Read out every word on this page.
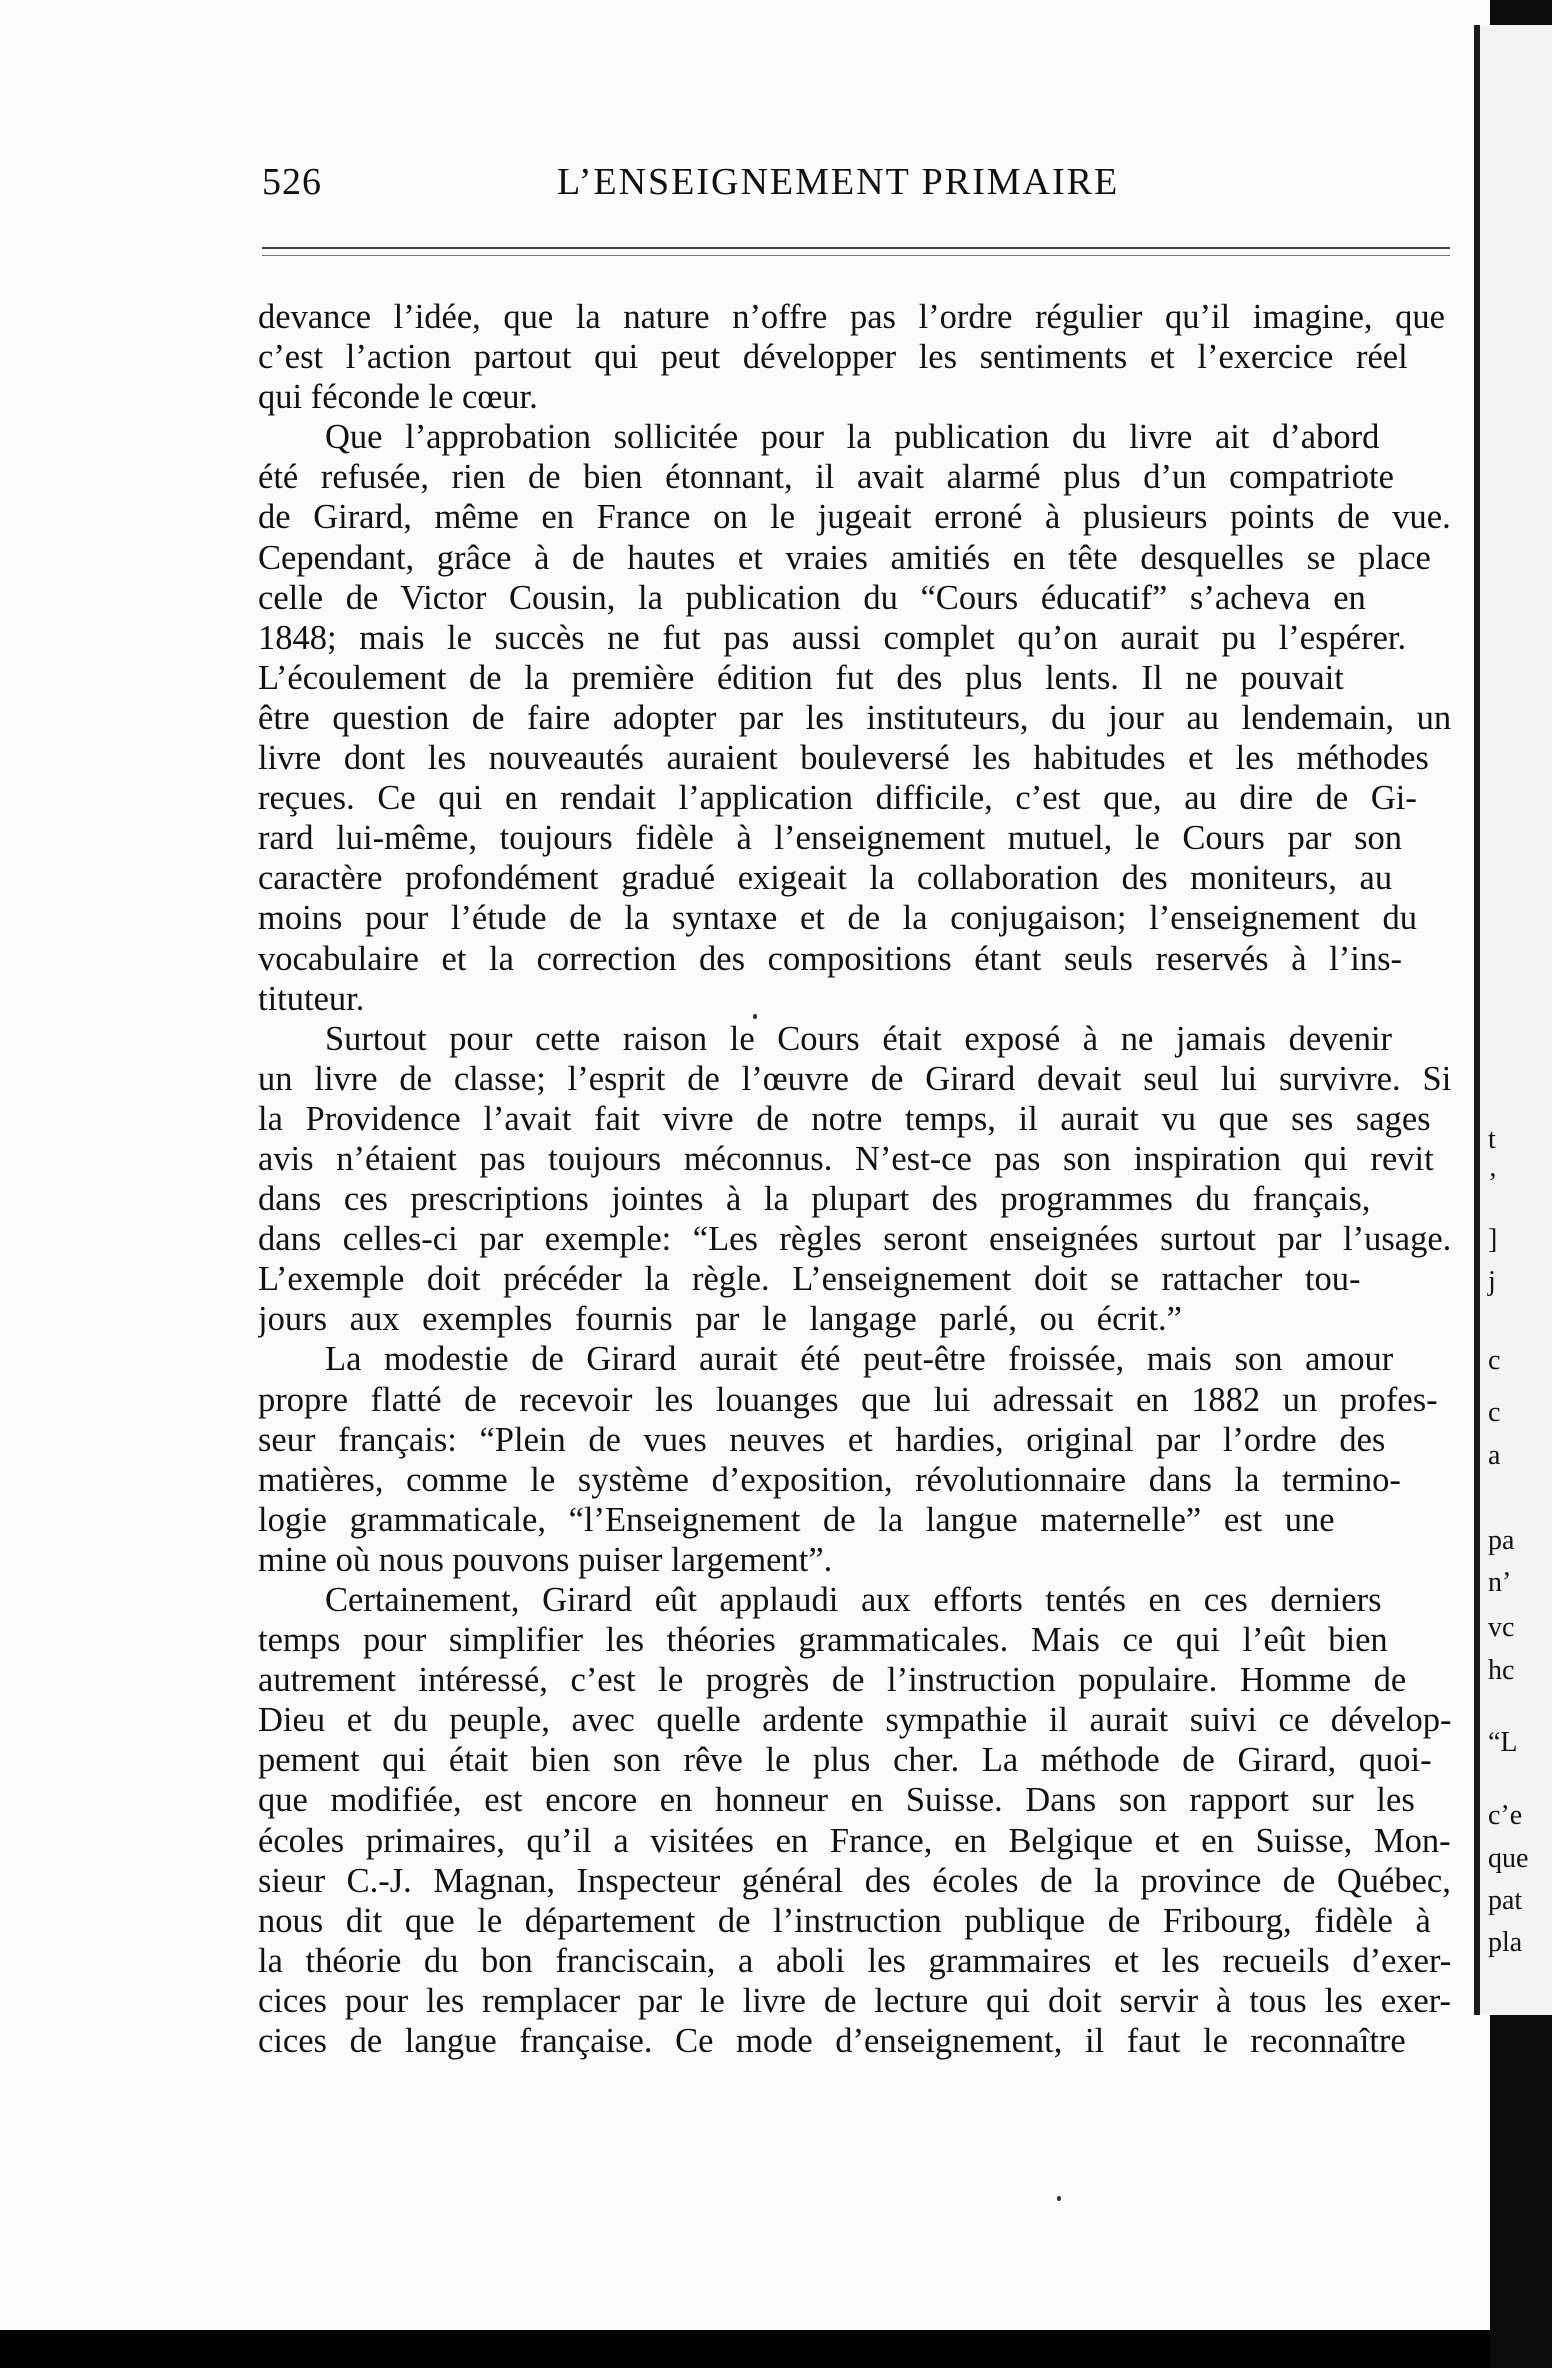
526	L’ENSEIGNEMENT PRIMAIRE
devance l’idée, que la nature n’offre pas l’ordre régulier qu’il imagine, que
c’est l’action partout qui peut développer les sentiments et l’exercice réel
qui féconde le cœur.
Que l’approbation sollicitée pour la publication du livre ait d’abord
été refusée, rien de bien étonnant, il avait alarmé plus d’un compatriote
de Girard, même en France on le jugeait erroné à plusieurs points de vue.
Cependant, grâce à de hautes et vraies amitiés en tête desquelles se place
celle de Victor Cousin, la publication du “Cours éducatif” s’acheva en
1848; mais le succès ne fut pas aussi complet qu’on aurait pu l’espérer.
L’écoulement de la première édition fut des plus lents. Il ne pouvait
être question de faire adopter par les instituteurs, du jour au lendemain, un
livre dont les nouveautés auraient bouleversé les habitudes et les méthodes
reçues. Ce qui en rendait l’application difficile, c’est que, au dire de Gi-
rard lui-même, toujours fidèle à l’enseignement mutuel, le Cours par son
caractère profondément gradué exigeait la collaboration des moniteurs, au
moins pour l’étude de la syntaxe et de la conjugaison; l’enseignement du
vocabulaire et la correction des compositions étant seuls reservés à l’ins-
tituteur.
Surtout pour cette raison le Cours était exposé à ne jamais devenir
un livre de classe; l’esprit de l’œuvre de Girard devait seul lui survivre. Si
la Providence l’avait fait vivre de notre temps, il aurait vu que ses sages
avis n’étaient pas toujours méconnus. N’est-ce pas son inspiration qui revit
dans ces prescriptions jointes à la plupart des programmes du français,
dans celles-ci par exemple: “Les règles seront enseignées surtout par l’usage.
L’exemple doit précéder la règle. L’enseignement doit se rattacher tou-
jours aux exemples fournis par le langage parlé, ou écrit.”
La modestie de Girard aurait été peut-être froissée, mais son amour
propre flatté de recevoir les louanges que lui adressait en 1882 un profes-
seur français: “Plein de vues neuves et hardies, original par l’ordre des
matières, comme le système d’exposition, révolutionnaire dans la termino-
logie grammaticale, “l’Enseignement de la langue maternelle” est une
mine où nous pouvons puiser largement”.
Certainement, Girard eût applaudi aux efforts tentés en ces derniers
temps pour simplifier les théories grammaticales. Mais ce qui l’eût bien
autrement intéressé, c’est le progrès de l’instruction populaire. Homme de
Dieu et du peuple, avec quelle ardente sympathie il aurait suivi ce dévelop-
pement qui était bien son rêve le plus cher. La méthode de Girard, quoi-
que modifiée, est encore en honneur en Suisse. Dans son rapport sur les
écoles primaires, qu’il a visitées en France, en Belgique et en Suisse, Mon-
sieur C.-J. Magnan, Inspecteur général des écoles de la province de Québec,
nous dit que le département de l’instruction publique de Fribourg, fidèle à
la théorie du bon franciscain, a aboli les grammaires et les recueils d’exer-
cices pour les remplacer par le livre de lecture qui doit servir à tous les exer-
cices de langue française. Ce mode d’enseignement, il faut le reconnaître
t
’
]
j
c
c
a
pa
n’
vc
hc
“L
c’e
que
pat
pla
